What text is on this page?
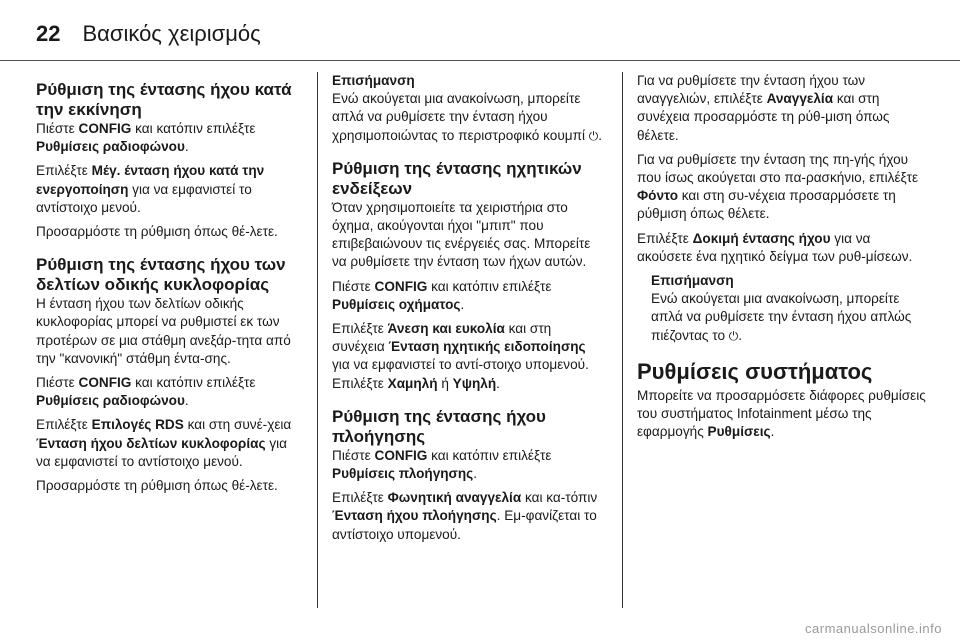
22 Βασικός χειρισμός
Ρύθμιση της έντασης ήχου κατά την εκκίνηση

Πιέστε CONFIG και κατόπιν επιλέξτε Ρυθμίσεις ραδιοφώνου.

Επιλέξτε Μέγ. ένταση ήχου κατά την ενεργοποίηση για να εμφανιστεί το αντίστοιχο μενού.

Προσαρμόστε τη ρύθμιση όπως θέ-λετε.

Ρύθμιση της έντασης ήχου των δελτίων οδικής κυκλοφορίας

Η ένταση ήχου των δελτίων οδικής κυκλοφορίας μπορεί να ρυθμιστεί εκ των προτέρων σε μια στάθμη ανεξάρ-τητα από την "κανονική" στάθμη έντα-σης.

Πιέστε CONFIG και κατόπιν επιλέξτε Ρυθμίσεις ραδιοφώνου.

Επιλέξτε Επιλογές RDS και στη συνέ-χεια Ένταση ήχου δελτίων κυκλοφορίας για να εμφανιστεί το αντίστοιχο μενού.

Προσαρμόστε τη ρύθμιση όπως θέ-λετε.

Επισήμανση
Ενώ ακούγεται μια ανακοίνωση, μπορείτε απλά να ρυθμίσετε την ένταση ήχου χρησιμοποιώντας το περιστροφικό κουμπί ⏻.
Ρύθμιση της έντασης ηχητικών ενδείξεων

Όταν χρησιμοποιείτε τα χειριστήρια στο όχημα, ακούγονται ήχοι "μπιπ" που επιβεβαιώνουν τις ενέργειές σας. Μπορείτε να ρυθμίσετε την ένταση των ήχων αυτών.

Πιέστε CONFIG και κατόπιν επιλέξτε Ρυθμίσεις οχήματος.

Επιλέξτε Άνεση και ευκολία και στη συνέχεια Ένταση ηχητικής ειδοποίησης για να εμφανιστεί το αντί-στοιχο υπομενού. Επιλέξτε Χαμηλή ή Υψηλή.

Ρύθμιση της έντασης ήχου πλοήγησης

Πιέστε CONFIG και κατόπιν επιλέξτε Ρυθμίσεις πλοήγησης.

Επιλέξτε Φωνητική αναγγελία και κα-τόπιν Ένταση ήχου πλοήγησης. Εμ-φανίζεται το αντίστοιχο υπομενού.

Για να ρυθμίσετε την ένταση ήχου των αναγγελιών, επιλέξτε Αναγγελία και στη συνέχεια προσαρμόστε τη ρύθ-μιση όπως θέλετε.

Για να ρυθμίσετε την ένταση της πη-γής ήχου που ίσως ακούγεται στο πα-ρασκήνιο, επιλέξτε Φόντο και στη συ-νέχεια προσαρμόσετε τη ρύθμιση όπως θέλετε.

Επιλέξτε Δοκιμή έντασης ήχου για να ακούσετε ένα ηχητικό δείγμα των ρυθ-μίσεων.

Επισήμανση
Ενώ ακούγεται μια ανακοίνωση, μπορείτε απλά να ρυθμίσετε την ένταση ήχου απλώς πιέζοντας το ⏻.
Ρυθμίσεις συστήματος

Μπορείτε να προσαρμόσετε διάφορες ρυθμίσεις του συστήματος Infotainment μέσω της εφαρμογής Ρυθμίσεις.

carmanualsonline.info
